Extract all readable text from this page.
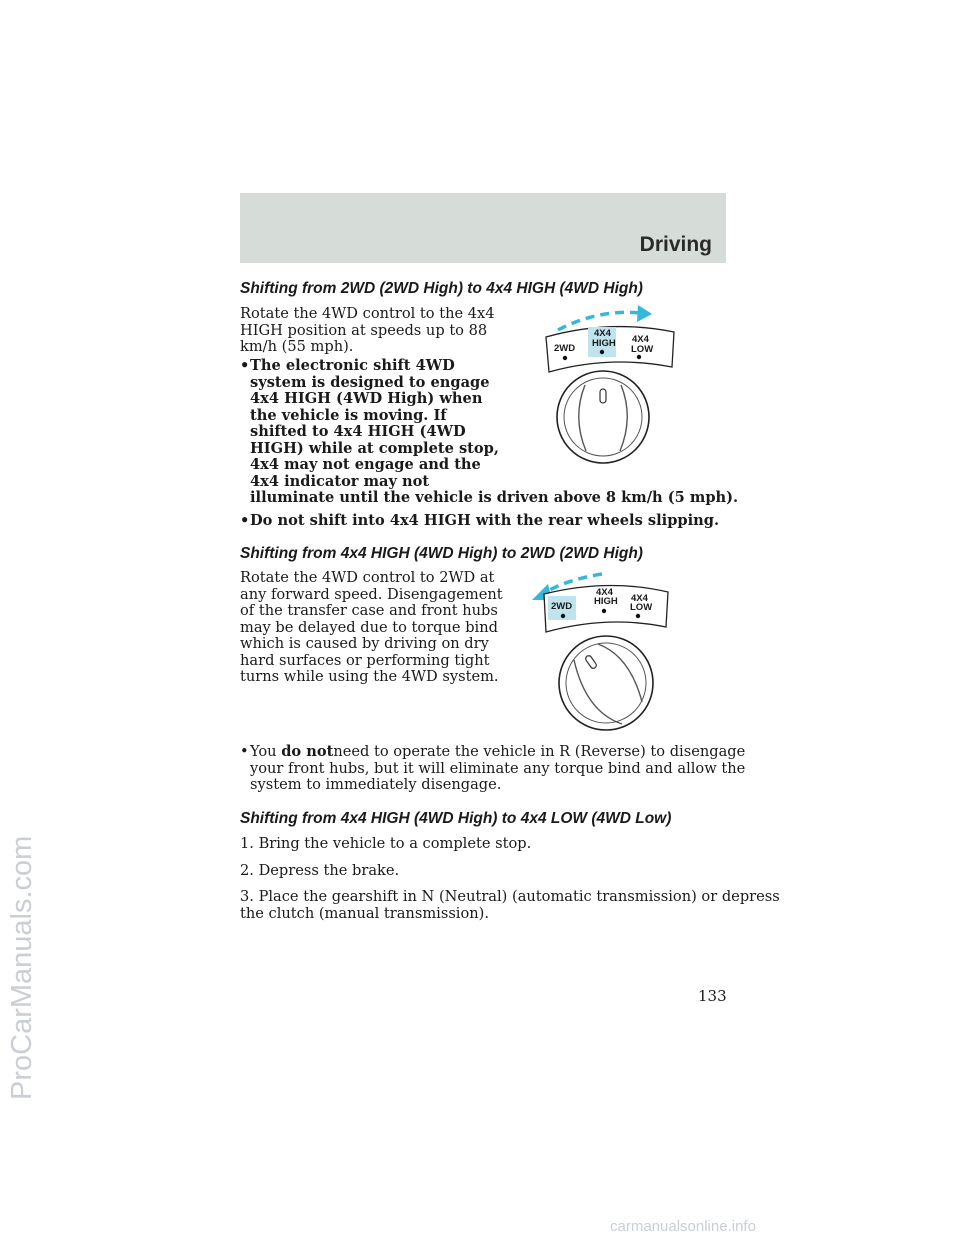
Driving
Shifting from 2WD (2WD High) to 4x4 HIGH (4WD High)
Rotate the 4WD control to the 4x4
HIGH position at speeds up to 88
km/h (55 mph).
•The electronic shift 4WD
system is designed to engage
4x4 HIGH (4WD High) when
the vehicle is moving. If
shifted to 4x4 HIGH (4WD
HIGH) while at complete stop,
4x4 may not engage and the
4x4 indicator may not
illuminate until the vehicle is driven above 8 km/h (5 mph).
•Do not shift into 4x4 HIGH with the rear wheels slipping.
2WD
4X4
HIGH 4X4
LOW
Shifting from 4x4 HIGH (4WD High) to 2WD (2WD High)
Rotate the 4WD control to 2WD at
any forward speed. Disengagement
of the transfer case and front hubs
may be delayed due to torque bind
which is caused by driving on dry
hard surfaces or performing tight
turns while using the 4WD system.
2WD
4X4
HIGH 4X4
LOW
•You do notneed to operate the vehicle in R (Reverse) to disengage
your front hubs, but it will eliminate any torque bind and allow the
system to immediately disengage.
Shifting from 4x4 HIGH (4WD High) to 4x4 LOW (4WD Low)
1. Bring the vehicle to a complete stop.
2. Depress the brake.
3. Place the gearshift in N (Neutral) (automatic transmission) or depress
the clutch (manual transmission).
133
ProCarManuals.com
carmanualsonline.info
